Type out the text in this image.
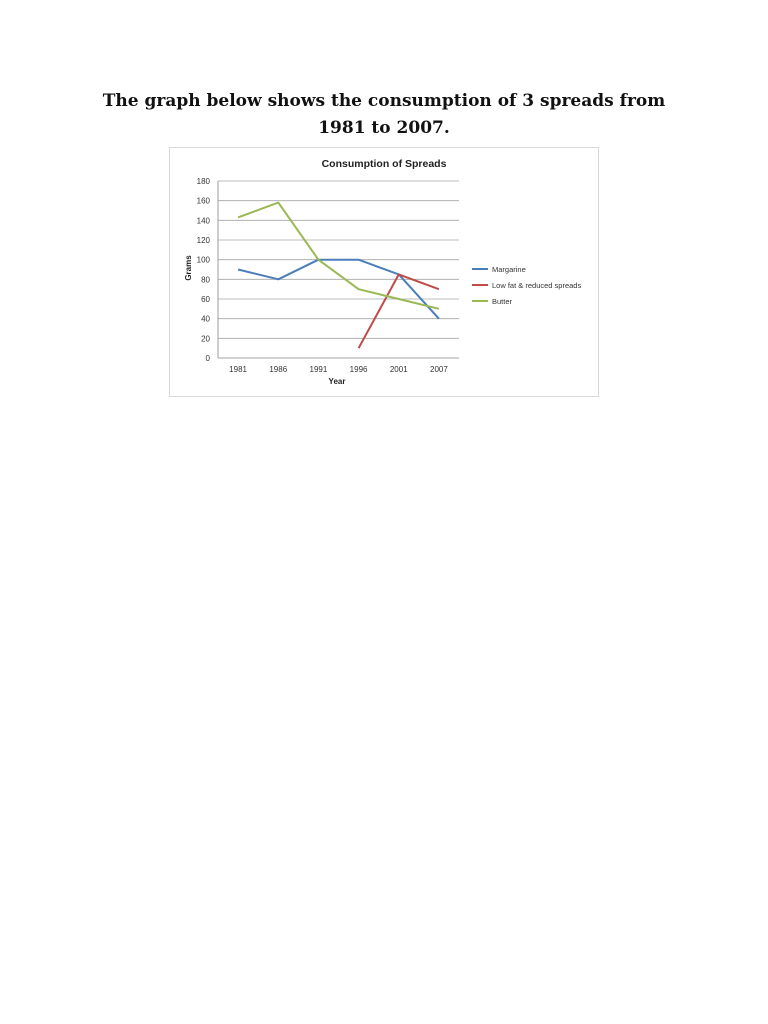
The graph below shows the consumption of 3 spreads from 1981 to 2007.
Consumption of Spreads
0
20
40
60
80
100
120
140
160
180
1981	1986	1991	1996	2001	2007
Grams
Year
Margarine
Low fat & reduced spreads
Butter
